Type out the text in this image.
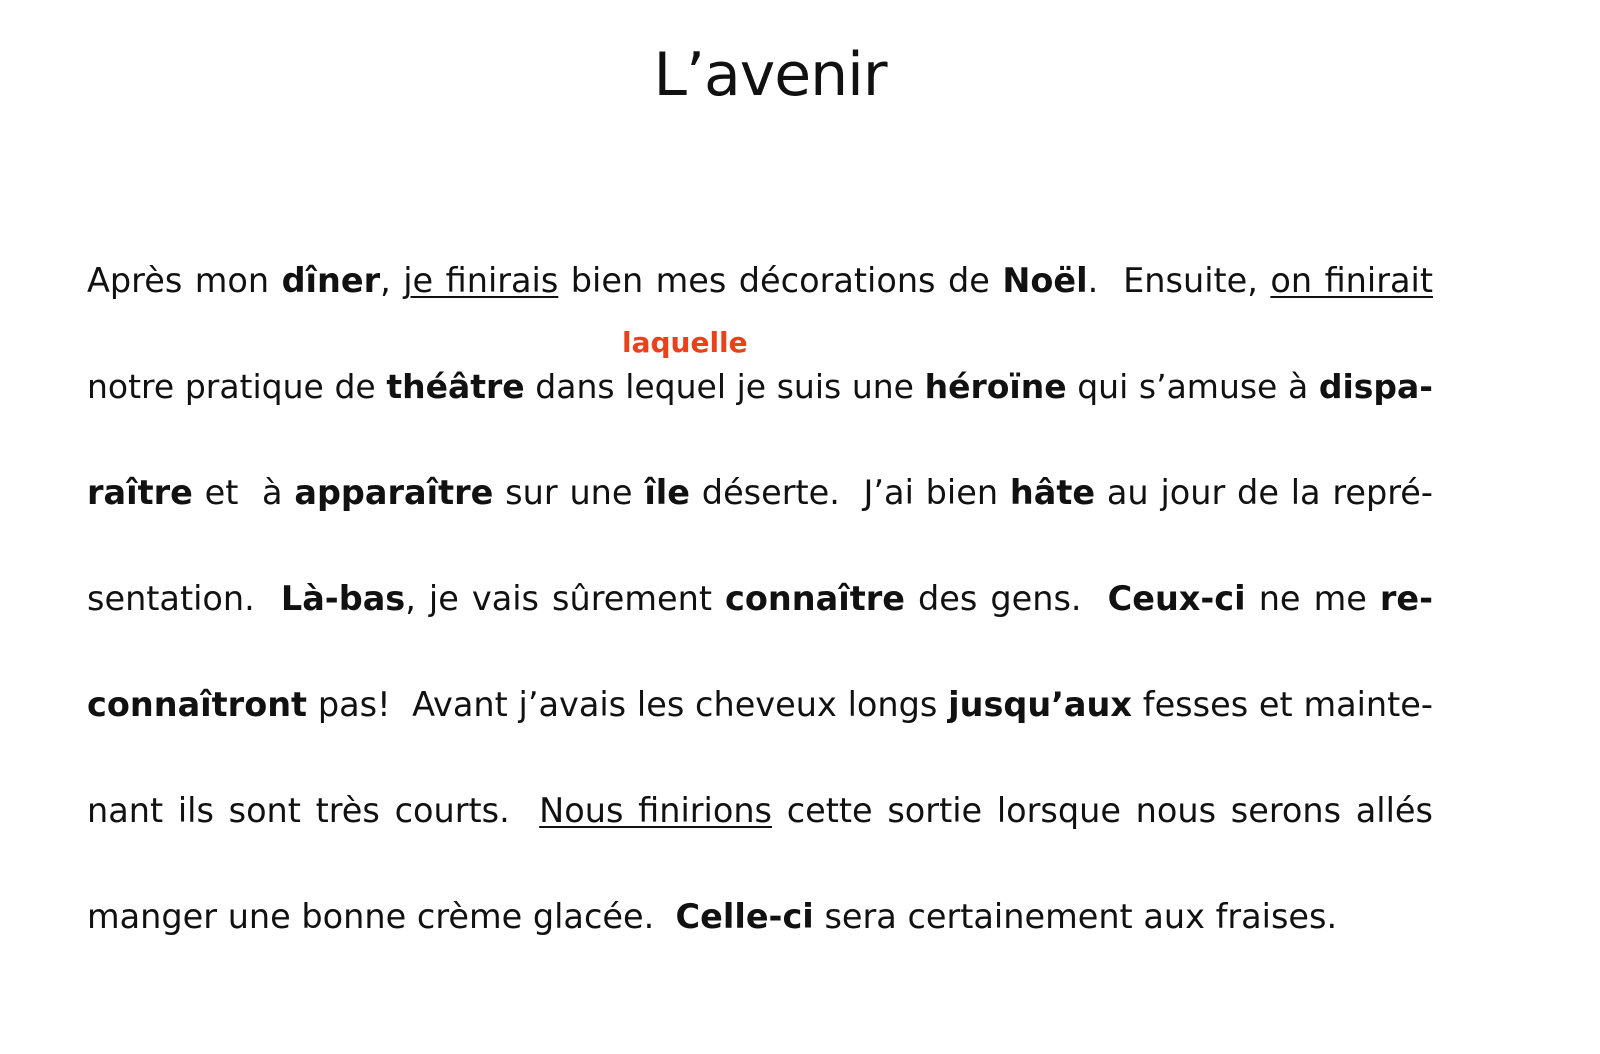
L’avenir
laquelle
Après mon dîner, je finirais bien mes décorations de Noël.  Ensuite, on finirait
notre pratique de théâtre dans lequel je suis une héroïne qui s’amuse à dispa-
raître et  à apparaître sur une île déserte.  J’ai bien hâte au jour de la repré-
sentation.  Là-bas, je vais sûrement connaître des gens.  Ceux-ci ne me re-
connaîtront pas!  Avant j’avais les cheveux longs jusqu’aux fesses et mainte-
nant ils sont très courts.  Nous finirions cette sortie lorsque nous serons allés
manger une bonne crème glacée.  Celle-ci sera certainement aux fraises.
